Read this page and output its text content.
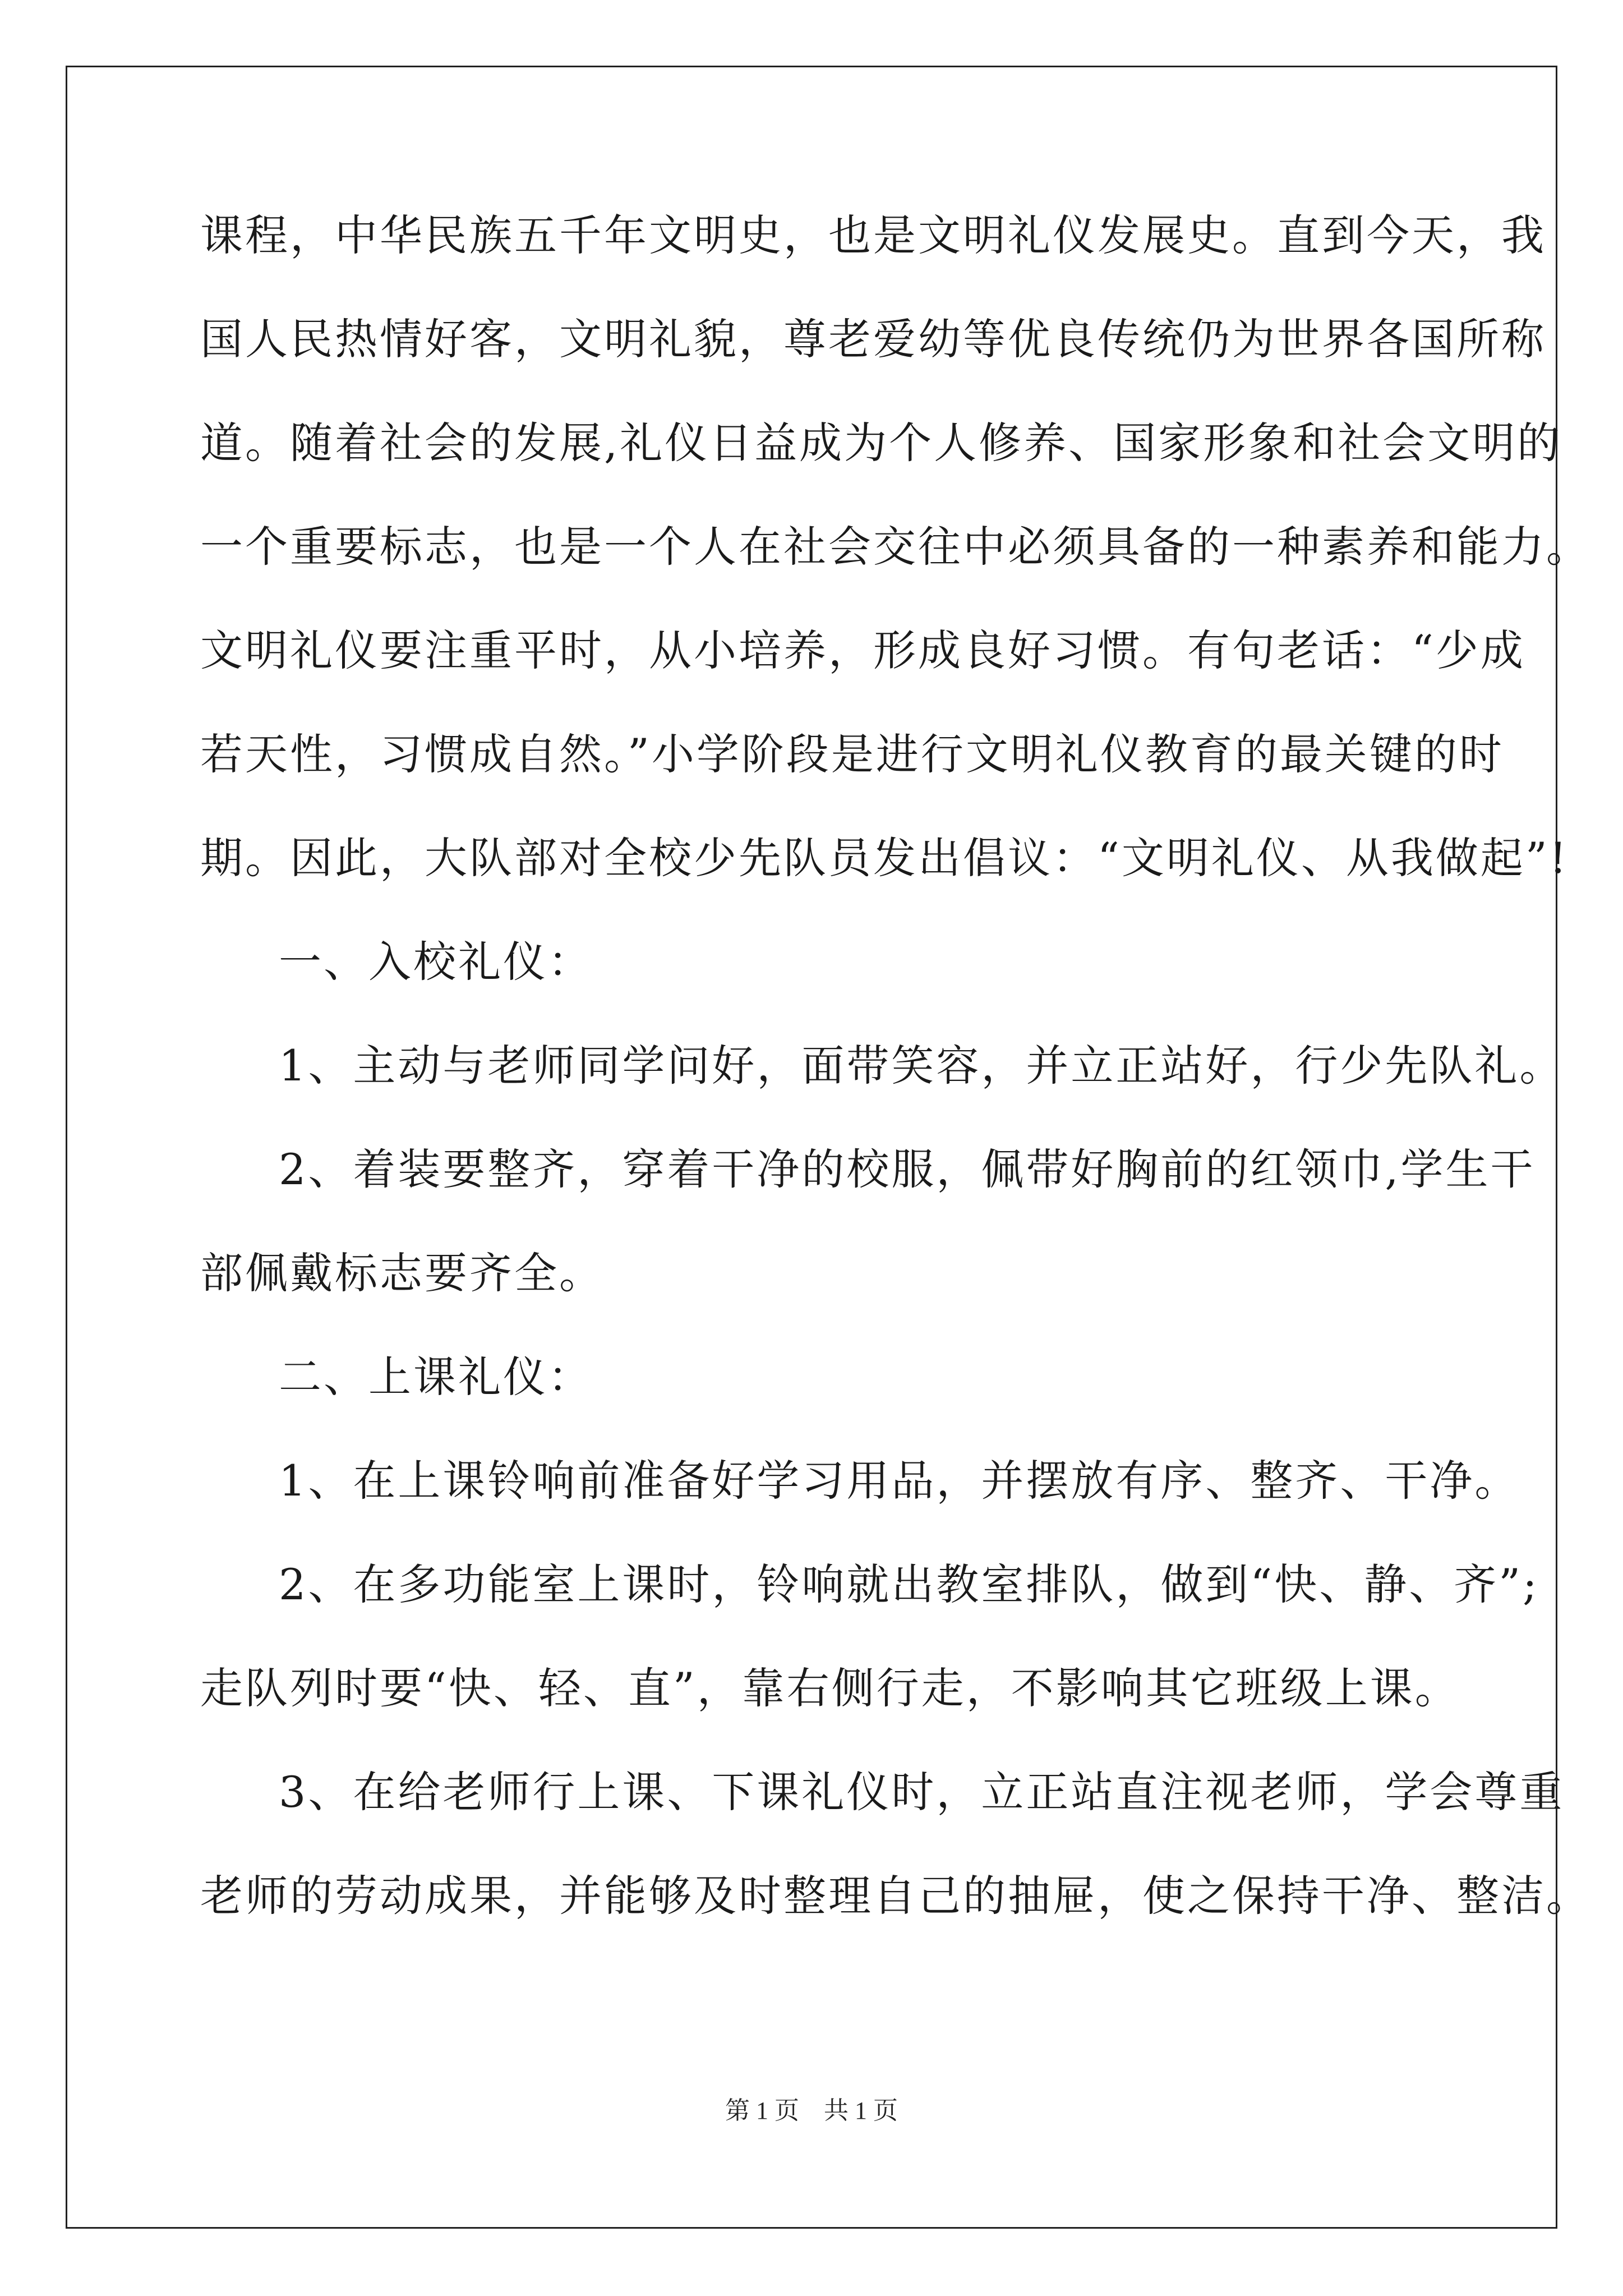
课程，中华民族五千年文明史，也是文明礼仪发展史。直到今天，我
国人民热情好客，文明礼貌，尊老爱幼等优良传统仍为世界各国所称
道。随着社会的发展,礼仪日益成为个人修养、国家形象和社会文明的
一个重要标志，也是一个人在社会交往中必须具备的一种素养和能力。
文明礼仪要注重平时，从小培养，形成良好习惯。有句老话：“少成
若天性，习惯成自然。”小学阶段是进行文明礼仪教育的最关键的时
期。因此，大队部对全校少先队员发出倡议：“文明礼仪、从我做起”!
一、入校礼仪：
1、主动与老师同学问好，面带笑容，并立正站好，行少先队礼。
2、着装要整齐，穿着干净的校服，佩带好胸前的红领巾,学生干
部佩戴标志要齐全。
二、上课礼仪：
1、在上课铃响前准备好学习用品，并摆放有序、整齐、干净。
2、在多功能室上课时，铃响就出教室排队，做到“快、静、齐”;
走队列时要“快、轻、直”，靠右侧行走，不影响其它班级上课。
3、在给老师行上课、下课礼仪时，立正站直注视老师，学会尊重
老师的劳动成果，并能够及时整理自己的抽屉，使之保持干净、整洁。
第 1 页    共 1 页
